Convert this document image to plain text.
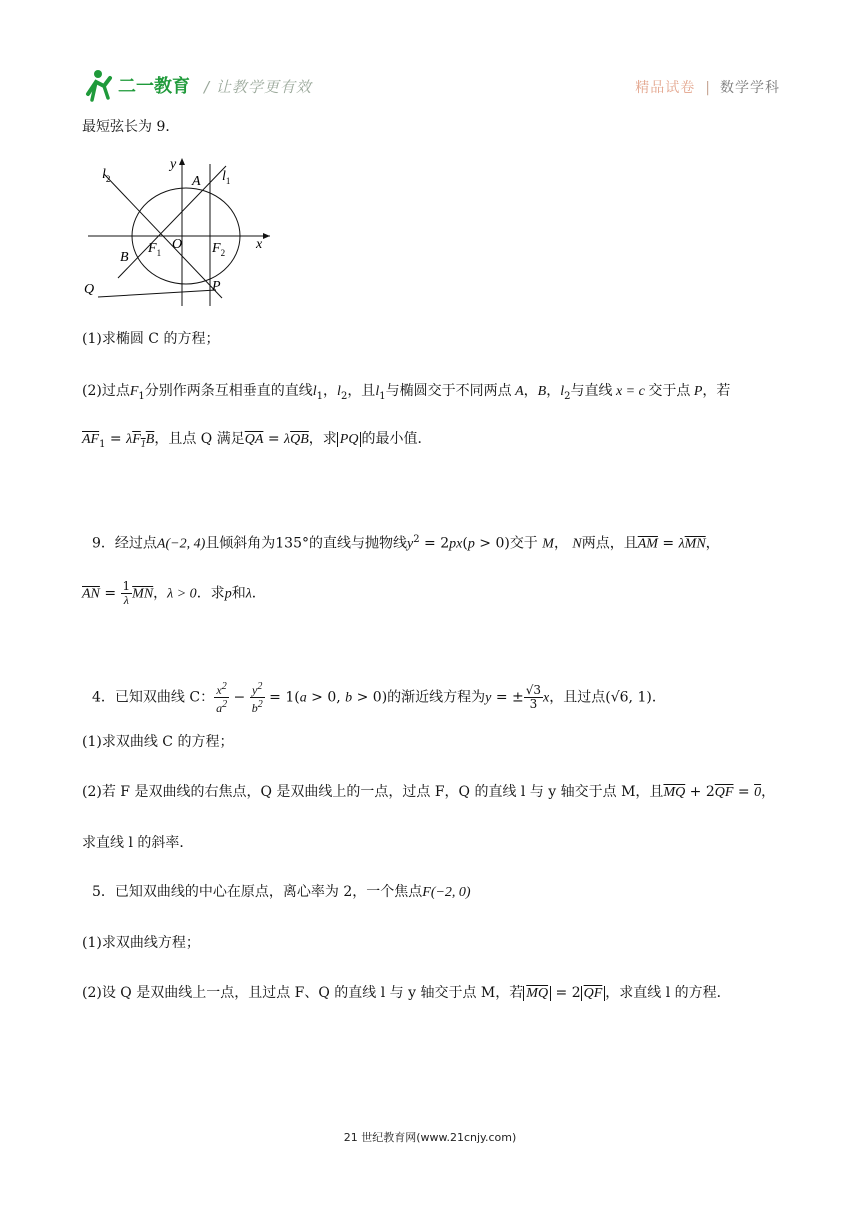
二一教育 / 让教学更有效	精品试卷 | 数学学科
最短弦长为 9．
y
x
O
A
B
P
Q
$l_1$
$l_2$
$F_1$	$F_2$
(1)求椭圆 C 的方程；
(2)过点$F_1$分别作两条互相垂直的直线$l_1$，$l_2$，且$l_1$与椭圆交于不同两点 A，B，$l_2$与直线 x = c 交于点 P，若
$\overline{AF}_1 = \lambda F_1B$，且点 Q 满足$\overline{QA} = \lambda\overline{QB}$，求 PQ 的最小值．
9．经过点A(−2, 4)且倾斜角为135°的直线与抛物线$y^2 = 2px(p > 0)$交于 M， N两点，且$\overline{AM} = \lambda\overline{MN}$，
$\overline{AN} = \frac{1}{\lambda} \overline{MN}$，λ > 0．求p和λ．
4．已知双曲线 C： $\frac{x^2}{a^2} - \frac{y^2}{b^2} = 1(a > 0$, b > 0)的渐近线方程为y = ± $\frac{√3}{3}$ x，且过点(√6, 1)．
(1)求双曲线 C 的方程；
(2)若 F 是双曲线的右焦点，Q 是双曲线上的一点，过点 F，Q 的直线 l 与 y 轴交于点 M，且$\overline{MQ} + 2\overline{QF} = 0$，
求直线 l 的斜率．
5．已知双曲线的中心在原点，离心率为 2，一个焦点F(−2, 0)
(1)求双曲线方程；
(2)设 Q 是双曲线上一点，且过点 F、Q 的直线 l 与 y 轴交于点 M，若 $\overline{MQ} = 2$ $\overline{QF}$ ，求直线 l 的方程．
21 世纪教育网(www.21cnjy.com)
